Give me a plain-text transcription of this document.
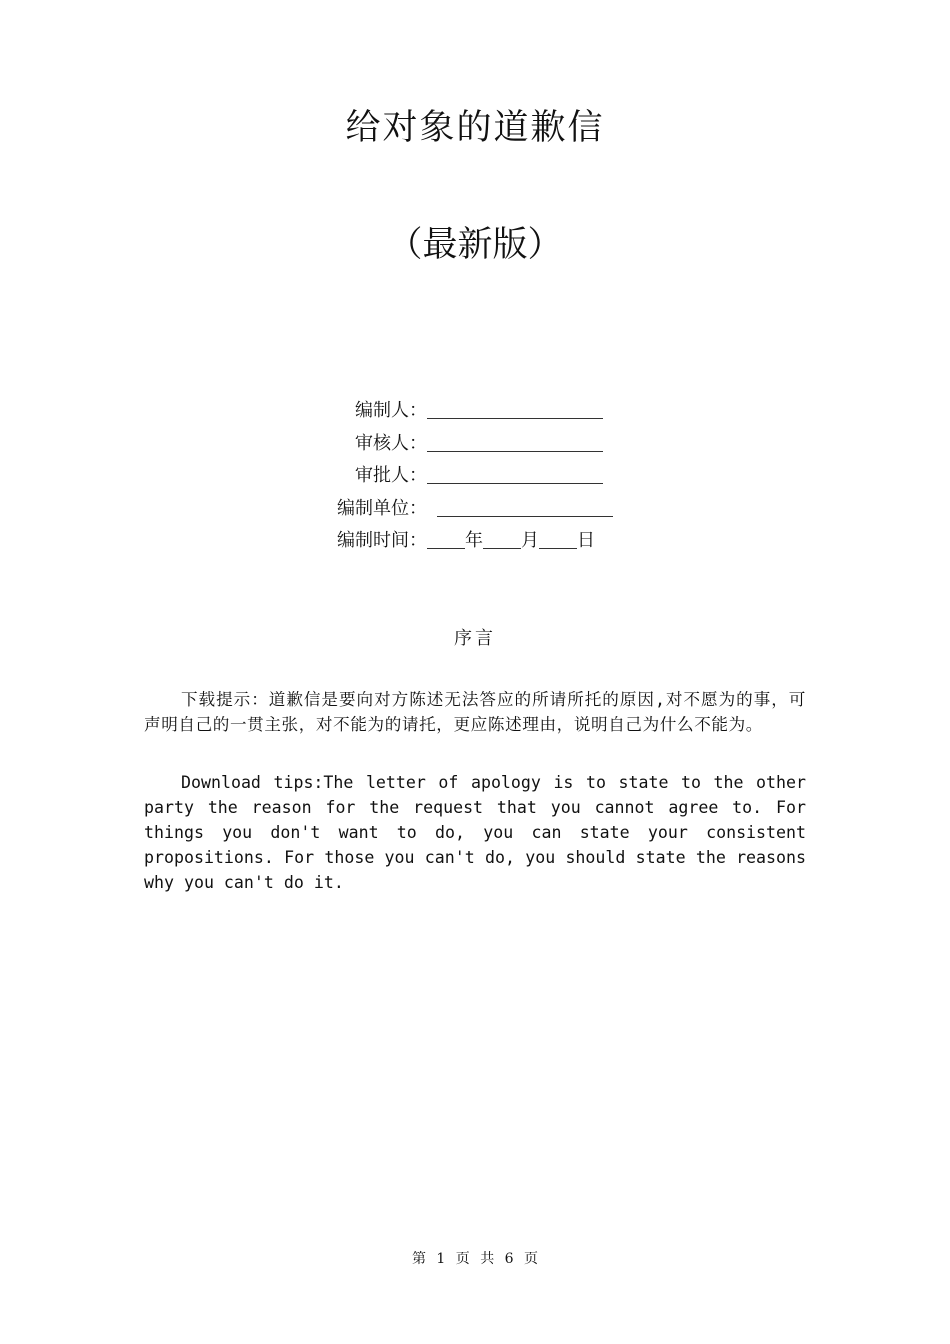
给对象的道歉信
（最新版）
编制人：
审核人：
审批人：
编制单位：
编制时间： 年 月 日
序言
下载提示：道歉信是要向对方陈述无法答应的所请所托的原因,对不愿为的事，可声明自己的一贯主张，对不能为的请托，更应陈述理由，说明自己为什么不能为。
Download tips:The letter of apology is to state to the other party the reason for the request that you cannot agree to. For things you don't want to do, you can state your consistent propositions. For those you can't do, you should state the reasons why you can't do it.
第 1 页 共 6 页
